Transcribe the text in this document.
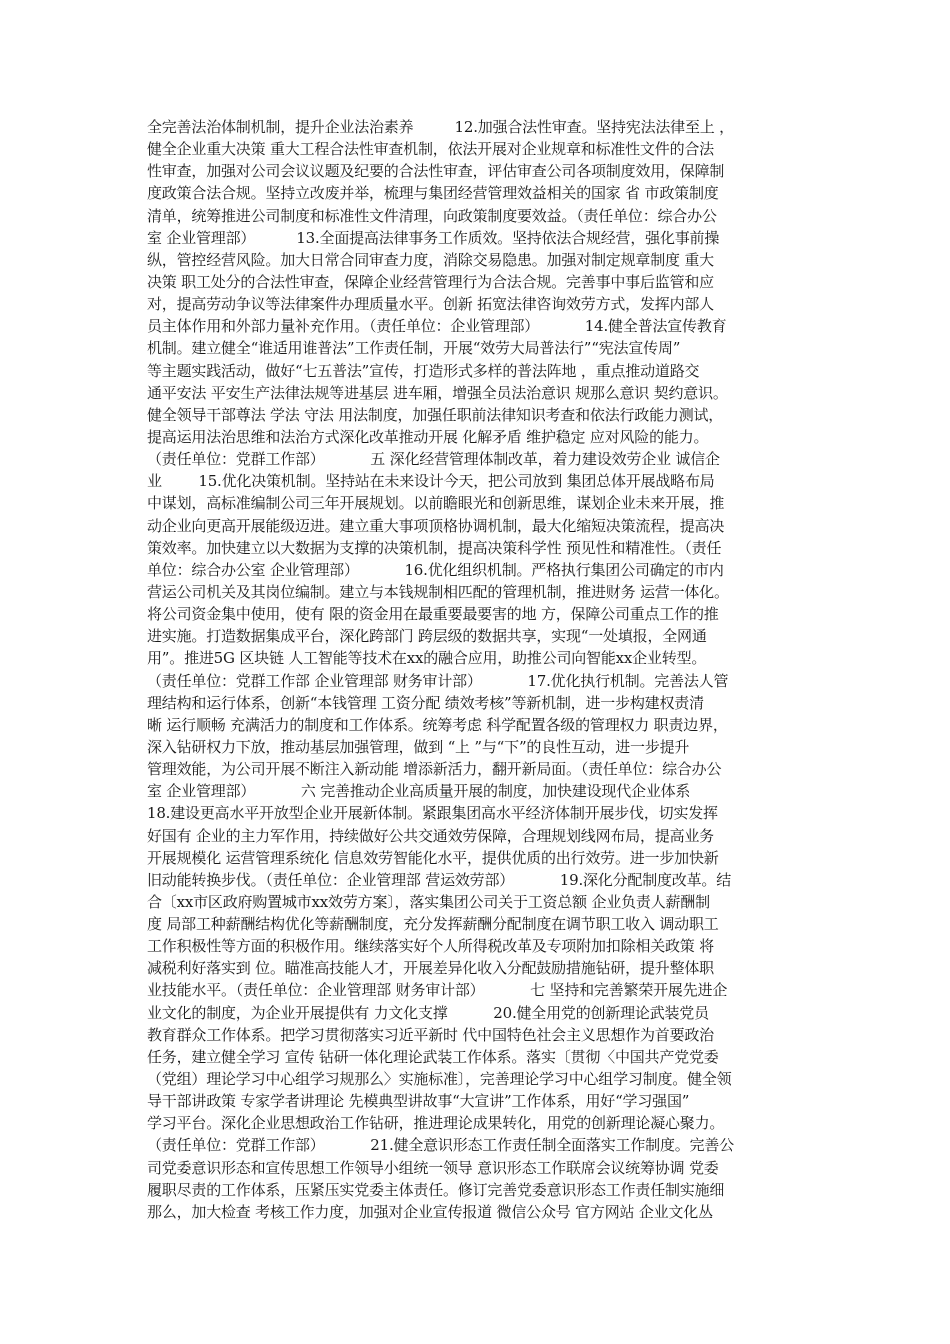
全完善法治体制机制，提升企业法治素养         12.加强合法性审查。坚持宪法法律至上 ，
健全企业重大决策 重大工程合法性审查机制，依法开展对企业规章和标准性文件的合法
性审查，加强对公司会议议题及纪要的合法性审查，评估审查公司各项制度效用，保障制
度政策合法合规。坚持立改废并举，梳理与集团经营管理效益相关的国家 省 市政策制度
清单，统筹推进公司制度和标准性文件清理，向政策制度要效益。（责任单位：综合办公
室 企业管理部）         13.全面提高法律事务工作质效。坚持依法合规经营，强化事前操
纵，管控经营风险。加大日常合同审查力度，消除交易隐患。加强对制定规章制度 重大
决策 职工处分的合法性审查，保障企业经营管理行为合法合规。完善事中事后监管和应
对，提高劳动争议等法律案件办理质量水平。创新 拓宽法律咨询效劳方式，发挥内部人
员主体作用和外部力量补充作用。（责任单位：企业管理部）          14.健全普法宣传教育
机制。建立健全“谁适用谁普法”工作责任制，开展“效劳大局普法行”“宪法宣传周”
等主题实践活动，做好“七五普法”宣传，打造形式多样的普法阵地 ，重点推动道路交
通平安法 平安生产法律法规等进基层 进车厢，增强全员法治意识 规那么意识 契约意识。
健全领导干部尊法 学法 守法 用法制度，加强任职前法律知识考查和依法行政能力测试，
提高运用法治思维和法治方式深化改革推动开展 化解矛盾 维护稳定 应对风险的能力。
（责任单位：党群工作部）          五 深化经营管理体制改革，着力建设效劳企业 诚信企
业        15.优化决策机制。坚持站在未来设计今天，把公司放到 集团总体开展战略布局
中谋划，高标准编制公司三年开展规划。以前瞻眼光和创新思维，谋划企业未来开展，推
动企业向更高开展能级迈进。建立重大事项顶格协调机制，最大化缩短决策流程，提高决
策效率。加快建立以大数据为支撑的决策机制，提高决策科学性 预见性和精准性。（责任
单位：综合办公室 企业管理部）          16.优化组织机制。严格执行集团公司确定的市内
营运公司机关及其岗位编制。建立与本钱规制相匹配的管理机制，推进财务 运营一体化。
将公司资金集中使用，使有 限的资金用在最重要最要害的地 方，保障公司重点工作的推
进实施。打造数据集成平台，深化跨部门 跨层级的数据共享，实现“一处填报，全网通
用”。推进5G 区块链 人工智能等技术在xx的融合应用，助推公司向智能xx企业转型。
（责任单位：党群工作部 企业管理部 财务审计部）          17.优化执行机制。完善法人管
理结构和运行体系，创新“本钱管理 工资分配 绩效考核”等新机制，进一步构建权责清
晰 运行顺畅 充满活力的制度和工作体系。统筹考虑 科学配置各级的管理权力 职责边界，
深入钻研权力下放，推动基层加强管理，做到 “上 ”与“下”的良性互动，进一步提升
管理效能，为公司开展不断注入新动能 增添新活力，翻开新局面。（责任单位：综合办公
室 企业管理部）          六 完善推动企业高质量开展的制度，加快建设现代企业体系
18.建设更高水平开放型企业开展新体制。紧跟集团高水平经济体制开展步伐，切实发挥
好国有 企业的主力军作用，持续做好公共交通效劳保障，合理规划线网布局，提高业务
开展规模化 运营管理系统化 信息效劳智能化水平，提供优质的出行效劳。进一步加快新
旧动能转换步伐。（责任单位：企业管理部 营运效劳部）          19.深化分配制度改革。结
合〔xx市区政府购置城市xx效劳方案〕，落实集团公司关于工资总额 企业负责人薪酬制
度 局部工种薪酬结构优化等薪酬制度，充分发挥薪酬分配制度在调节职工收入 调动职工
工作积极性等方面的积极作用。继续落实好个人所得税改革及专项附加扣除相关政策 将
减税利好落实到 位。瞄准高技能人才，开展差异化收入分配鼓励措施钻研，提升整体职
业技能水平。（责任单位：企业管理部 财务审计部）          七 坚持和完善繁荣开展先进企
业文化的制度，为企业开展提供有 力文化支撑          20.健全用党的创新理论武装党员
教育群众工作体系。把学习贯彻落实习近平新时 代中国特色社会主义思想作为首要政治
任务，建立健全学习 宣传 钻研一体化理论武装工作体系。落实〔贯彻〈中国共产党党委
（党组）理论学习中心组学习规那么〉实施标准〕，完善理论学习中心组学习制度。健全领
导干部讲政策 专家学者讲理论 先模典型讲故事“大宣讲”工作体系，用好“学习强国”
学习平台。深化企业思想政治工作钻研，推进理论成果转化，用党的创新理论凝心聚力。
（责任单位：党群工作部）          21.健全意识形态工作责任制全面落实工作制度。完善公
司党委意识形态和宣传思想工作领导小组统一领导 意识形态工作联席会议统筹协调 党委
履职尽责的工作体系，压紧压实党委主体责任。修订完善党委意识形态工作责任制实施细
那么，加大检查 考核工作力度，加强对企业宣传报道 微信公众号 官方网站 企业文化丛
